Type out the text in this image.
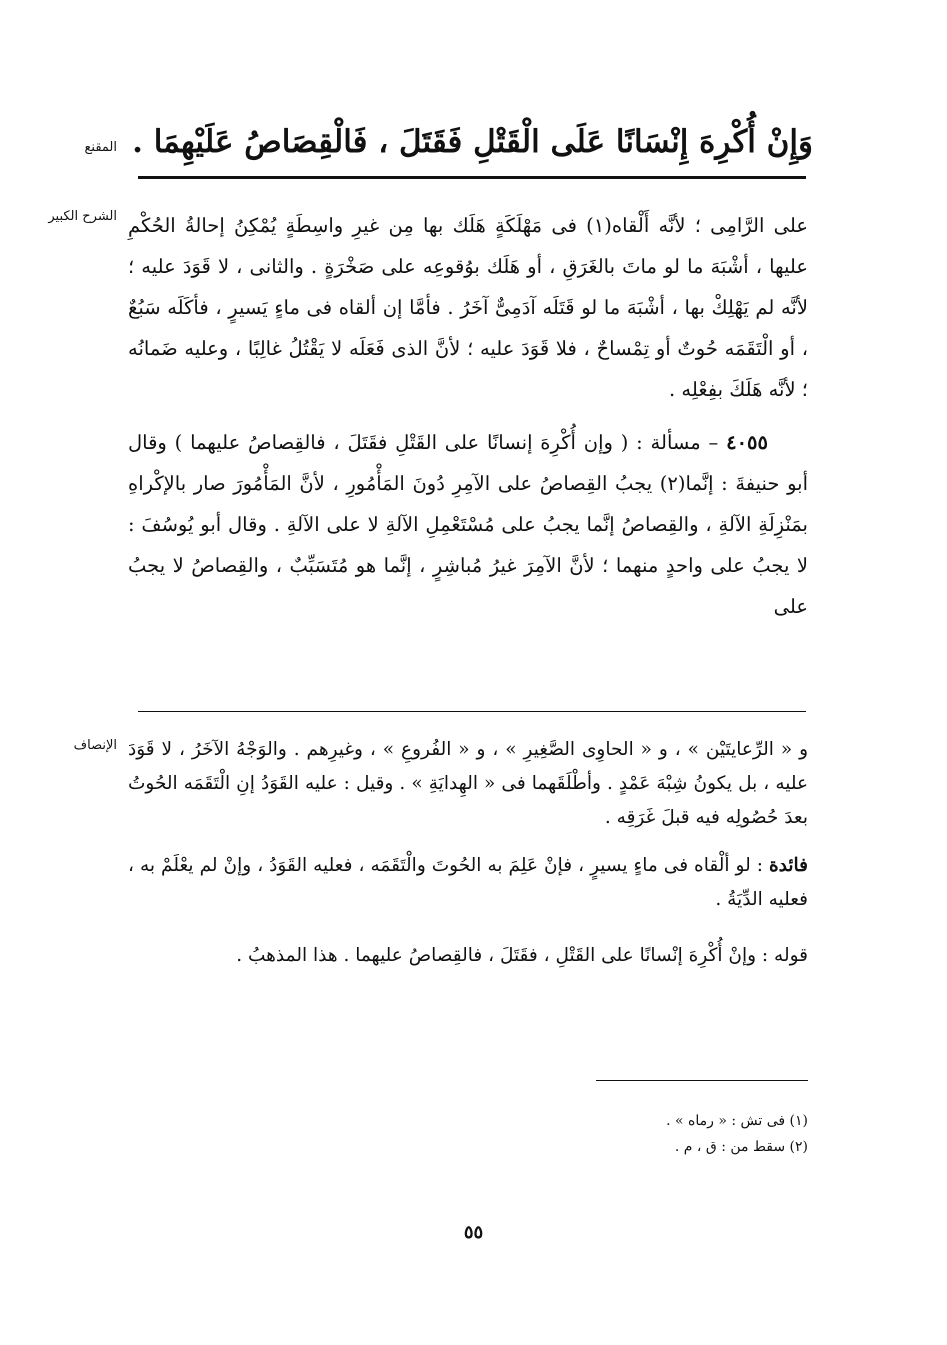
المقنع وَإِنْ أُكْرِهَ إِنْسَانًا عَلَى الْقَتْلِ فَقَتَلَ ، فَالْقِصَاصُ عَلَيْهِمَا .
الشرح الكبير على الرَّامِى ؛ لأنَّه أَلْقاه(١) فى مَهْلَكَةٍ هَلَك بها مِن غيرِ واسِطَةٍ يُمْكِنُ إحالةُ الحُكْمِ عليها ، أشْبَهَ ما لو ماتَ بالغَرَقِ ، أو هَلَك بوُقوعِه على صَخْرَةٍ . والثانى ، لا قَوَدَ عليه ؛ لأنَّه لم يَهْلِكْ بها ، أشْبَهَ ما لو قَتَلَه آدَمِىٌّ آخَرُ . فأمَّا إن ألقاه فى ماءٍ يَسيرٍ ، فأكَلَه سَبُعٌ ، أو الْتَقَمَه حُوتٌ أو تِمْساحٌ ، فلا قَوَدَ عليه ؛ لأنَّ الذى فَعَلَه لا يَقْتُلُ غالِبًا ، وعليه ضَمانُه ؛ لأنَّه هَلَكَ بفِعْلِه .

٤٠٥٥ – مسألة : ( وإن أُكْرِهَ إنسانًا على القَتْلِ فقَتَلَ ، فالقِصاصُ عليهما ) وقال أبو حنيفةَ : إنَّما(٢) يجبُ القِصاصُ على الآمِرِ دُونَ المَأْمُورِ ، لأنَّ المَأْمُورَ صار بالإكْراهِ بمَنْزِلَةِ الآلةِ ، والقِصاصُ إنَّما يجبُ على مُسْتَعْمِلِ الآلةِ لا على الآلةِ . وقال أبو يُوسُفَ : لا يجبُ على واحدٍ منهما ؛ لأنَّ الآمِرَ غيرُ مُباشِرٍ ، إنَّما هو مُتَسَبِّبٌ ، والقِصاصُ لا يجبُ على

الإنصاف و « الرِّعايتَيْن » ، و « الحاوِى الصَّغِيرِ » ، و « الفُروعِ » ، وغيرِهم . والوَجْهُ الآخَرُ ، لا قَوَدَ عليه ، بل يكونُ شِبْهَ عَمْدٍ . وأطْلَقَهما فى « الهِدايَةِ » . وقيل : عليه القَوَدُ إنِ الْتَقَمَه الحُوتُ بعدَ حُصُولِه فيه قبلَ غَرَقِه .

فائدة : لو ألْقاه فى ماءٍ يسيرٍ ، فإنْ عَلِمَ به الحُوتَ والْتَقَمَه ، فعليه القَوَدُ ، وإنْ لم يعْلَمْ به ، فعليه الدِّيَةُ .

قوله : وإنْ أُكْرِهَ إنْسانًا على القَتْلِ ، فقَتَلَ ، فالقِصاصُ عليهما . هذا المذهبُ .

(١) فى تش : « رماه » .
(٢) سقط من : ق ، م .
٥٥
